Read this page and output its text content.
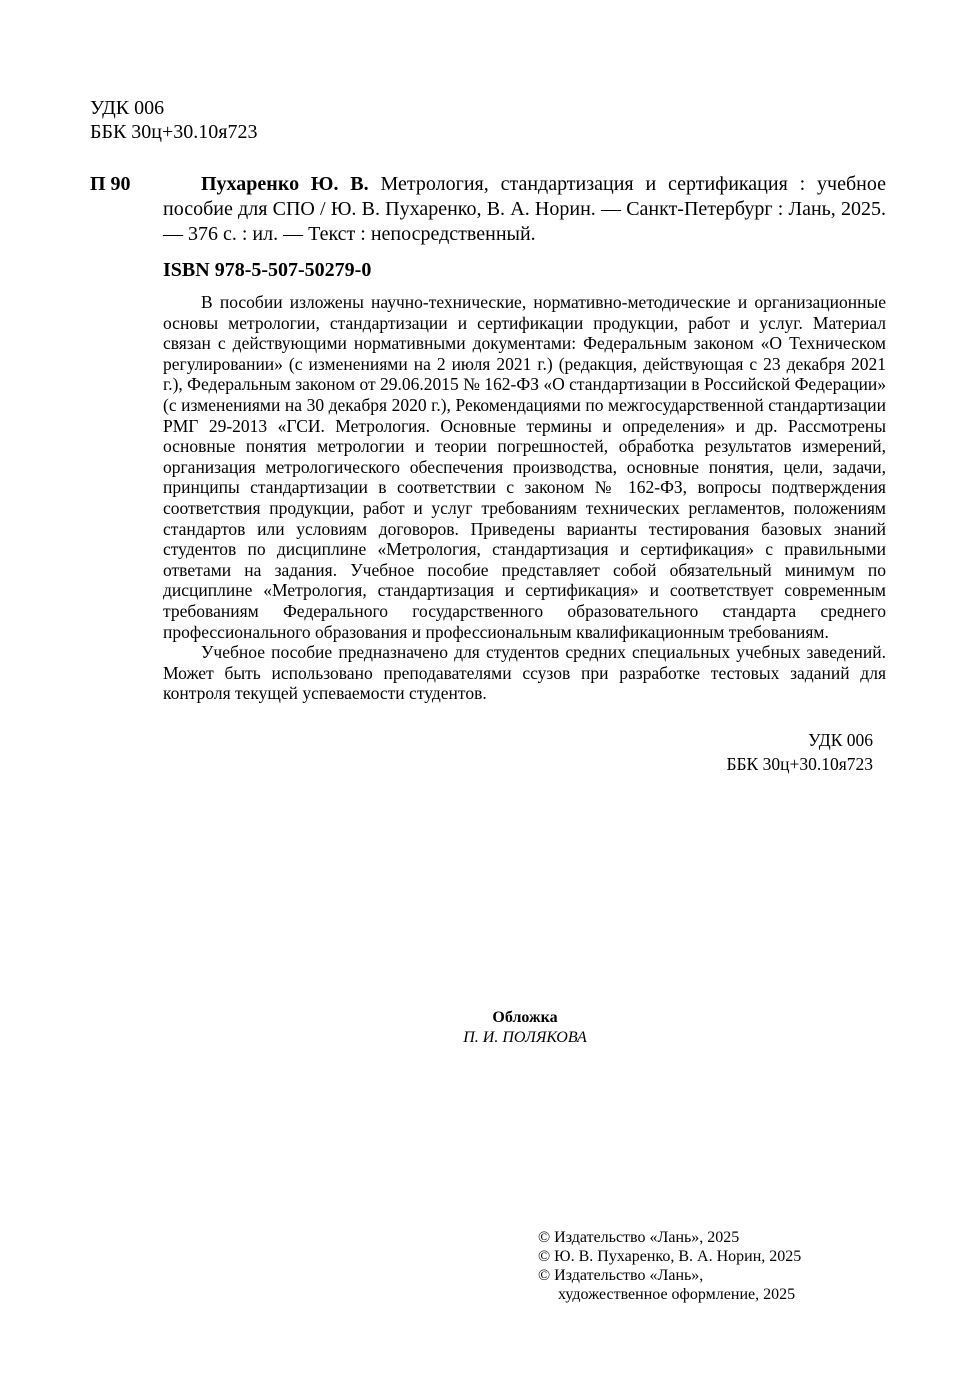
УДК 006
ББК 30ц+30.10я723
П 90	Пухаренко Ю. В. Метрология, стандартизация и сертификация : учебное пособие для СПО / Ю. В. Пухаренко, В. А. Норин. — Санкт-Петербург : Лань, 2025. — 376 с. : ил. — Текст : непосредственный.
ISBN 978-5-507-50279-0

В пособии изложены научно-технические, нормативно-методические и организационные основы метрологии, стандартизации и сертификации продукции, работ и услуг. Материал связан с действующими нормативными документами: Федеральным законом «О Техническом регулировании» (с изменениями на 2 июля 2021 г.) (редакция, действующая с 23 декабря 2021 г.), Федеральным законом от 29.06.2015 № 162-ФЗ «О стандартизации в Российской Федерации» (с изменениями на 30 декабря 2020 г.), Рекомендациями по межгосударственной стандартизации РМГ 29-2013 «ГСИ. Метрология. Основные термины и определения» и др. Рассмотрены основные понятия метрологии и теории погрешностей, обработка результатов измерений, организация метрологического обеспечения производства, основные понятия, цели, задачи, принципы стандартизации в соответствии с законом № 162-ФЗ, вопросы подтверждения соответствия продукции, работ и услуг требованиям технических регламентов, положениям стандартов или условиям договоров. Приведены варианты тестирования базовых знаний студентов по дисциплине «Метрология, стандартизация и сертификация» с правильными ответами на задания. Учебное пособие представляет собой обязательный минимум по дисциплине «Метрология, стандартизация и сертификация» и соответствует современным требованиям Федерального государственного образовательного стандарта среднего профессионального образования и профессиональным квалификационным требованиям.

Учебное пособие предназначено для студентов средних специальных учебных заведений. Может быть использовано преподавателями ссузов при разработке тестовых заданий для контроля текущей успеваемости студентов.

УДК 006
ББК 30ц+30.10я723
Обложка
П. И. ПОЛЯКОВА
© Издательство «Лань», 2025
© Ю. В. Пухаренко, В. А. Норин, 2025
© Издательство «Лань»,
художественное оформление, 2025
